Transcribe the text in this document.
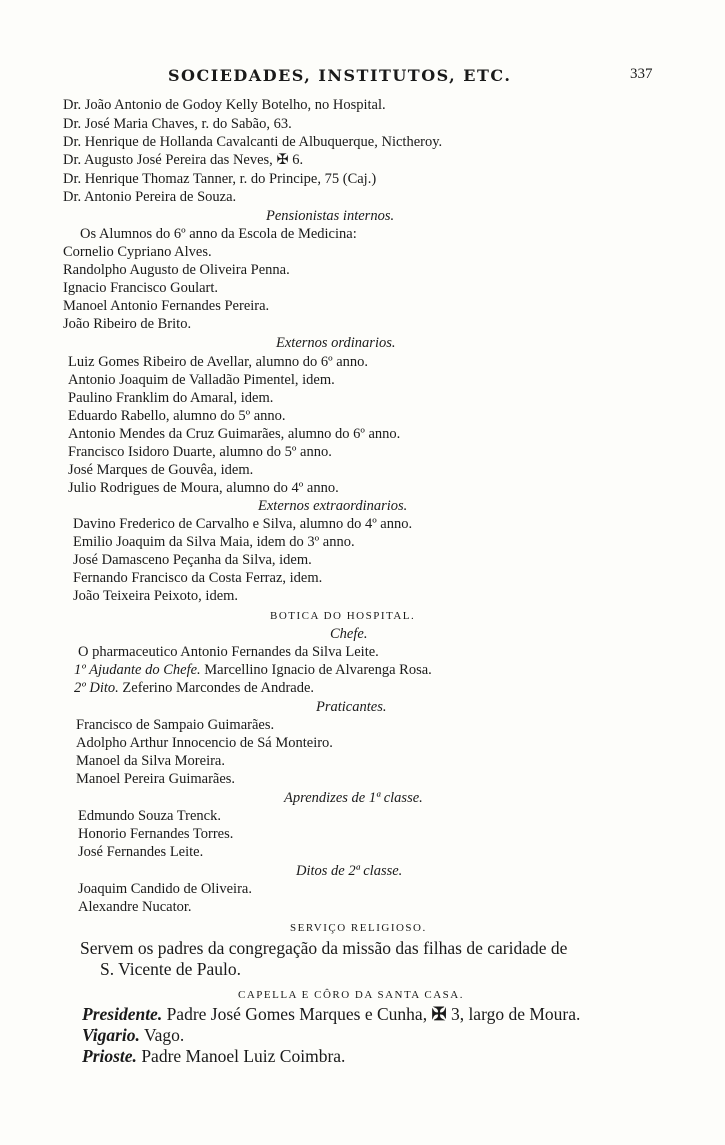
SOCIEDADES, INSTITUTOS, ETC.	337
Dr. João Antonio de Godoy Kelly Botelho, no Hospital.
Dr. José Maria Chaves, r. do Sabão, 63.
Dr. Henrique de Hollanda Cavalcanti de Albuquerque, Nictheroy.
Dr. Augusto José Pereira das Neves, ✠ 6.
Dr. Henrique Thomaz Tanner, r. do Principe, 75 (Caj.)
Dr. Antonio Pereira de Souza.
Pensionistas internos.
Os Alumnos do 6º anno da Escola de Medicina:
Cornelio Cypriano Alves.
Randolpho Augusto de Oliveira Penna.
Ignacio Francisco Goulart.
Manoel Antonio Fernandes Pereira.
João Ribeiro de Brito.
Externos ordinarios.
Luiz Gomes Ribeiro de Avellar, alumno do 6º anno.
Antonio Joaquim de Valladão Pimentel, idem.
Paulino Franklim do Amaral, idem.
Eduardo Rabello, alumno do 5º anno.
Antonio Mendes da Cruz Guimarães, alumno do 6º anno.
Francisco Isidoro Duarte, alumno do 5º anno.
José Marques de Gouvêa, idem.
Julio Rodrigues de Moura, alumno do 4º anno.
Externos extraordinarios.
Davino Frederico de Carvalho e Silva, alumno do 4º anno.
Emilio Joaquim da Silva Maia, idem do 3º anno.
José Damasceno Peçanha da Silva, idem.
Fernando Francisco da Costa Ferraz, idem.
João Teixeira Peixoto, idem.
BOTICA DO HOSPITAL.
Chefe.
O pharmaceutico Antonio Fernandes da Silva Leite.
1º Ajudante do Chefe. Marcellino Ignacio de Alvarenga Rosa.
2º Dito. Zeferino Marcondes de Andrade.
Praticantes.
Francisco de Sampaio Guimarães.
Adolpho Arthur Innocencio de Sá Monteiro.
Manoel da Silva Moreira.
Manoel Pereira Guimarães.
Aprendizes de 1ª classe.
Edmundo Souza Trenck.
Honorio Fernandes Torres.
José Fernandes Leite.
Ditos de 2ª classe.
Joaquim Candido de Oliveira.
Alexandre Nucator.
SERVIÇO RELIGIOSO.
Servem os padres da congregação da missão das filhas de caridade de
S. Vicente de Paulo.
CAPELLA E CÔRO DA SANTA CASA.
Presidente. Padre José Gomes Marques e Cunha, ✠ 3, largo de Moura.
Vigario. Vago.
Prioste. Padre Manoel Luiz Coimbra.
